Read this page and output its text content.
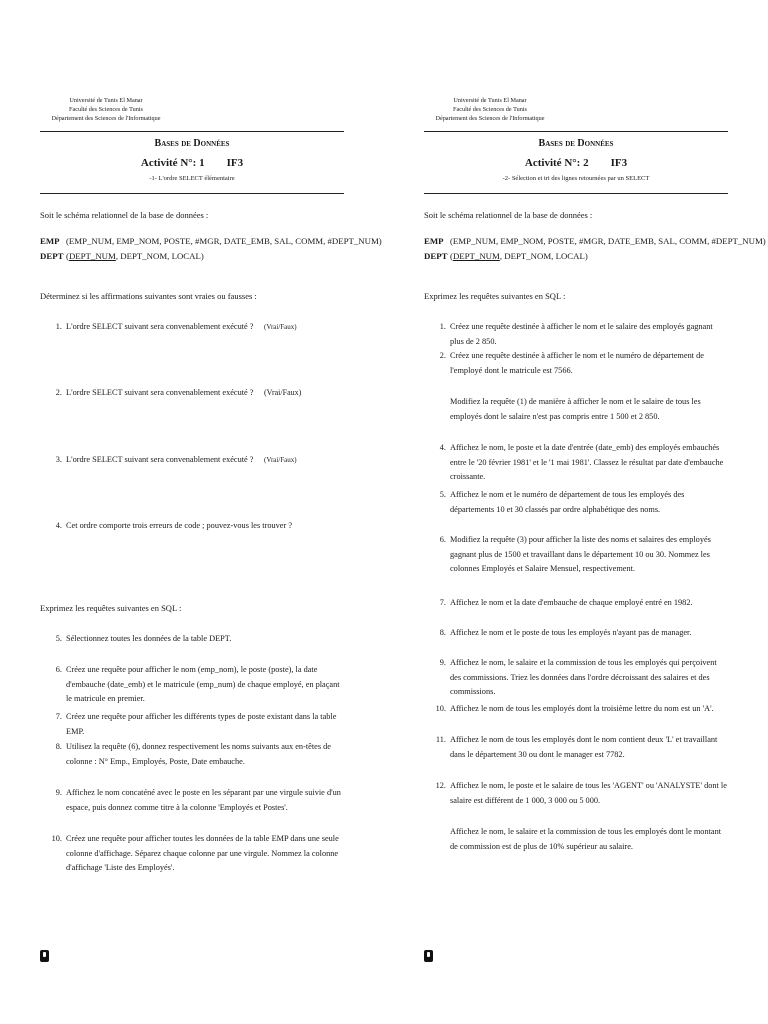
Université de Tunis El Manar
Faculté des Sciences de Tunis
Département des Sciences de l'Informatique
Bases de Données
Activité N°: 1 IF3
-1- L'ordre SELECT élémentaire
Soit le schéma relationnel de la base de données :
EMP (EMP_NUM, EMP_NOM, POSTE, #MGR, DATE_EMB, SAL, COMM, #DEPT_NUM)
DEPT (DEPT_NUM, DEPT_NOM, LOCAL)
Déterminez si les affirmations suivantes sont vraies ou fausses :
1. L'ordre SELECT suivant sera convenablement exécuté ?	(Vrai/Faux)
2. L'ordre SELECT suivant sera convenablement exécuté ?	(Vrai/Faux)
3. L'ordre SELECT suivant sera convenablement exécuté ?	(Vrai/Faux)
4. Cet ordre comporte trois erreurs de code ; pouvez-vous les trouver ?
Exprimez les requêtes suivantes en SQL :
5. Sélectionnez toutes les données de la table DEPT.
6. Créez une requête pour afficher le nom (emp_nom), le poste (poste), la date d'embauche (date_emb) et le matricule (emp_num) de chaque employé, en plaçant le matricule en premier.
7. Créez une requête pour afficher les différents types de poste existant dans la table EMP.
8. Utilisez la requête (6), donnez respectivement les noms suivants aux en-têtes de colonne : N° Emp., Employés, Poste, Date embauche.
9. Affichez le nom concaténé avec le poste en les séparant par une virgule suivie d'un espace, puis donnez comme titre à la colonne 'Employés et Postes'.
10. Créez une requête pour afficher toutes les données de la table EMP dans une seule colonne d'affichage. Séparez chaque colonne par une virgule. Nommez la colonne d'affichage 'Liste des Employés'.
Université de Tunis El Manar
Faculté des Sciences de Tunis
Département des Sciences de l'Informatique
Bases de Données
Activité N°: 2 IF3
-2- Sélection et tri des lignes retournées par un SELECT
Soit le schéma relationnel de la base de données :
EMP (EMP_NUM, EMP_NOM, POSTE, #MGR, DATE_EMB, SAL, COMM, #DEPT_NUM)
DEPT (DEPT_NUM, DEPT_NOM, LOCAL)
Exprimez les requêtes suivantes en SQL :
1. Créez une requête destinée à afficher le nom et le salaire des employés gagnant plus de 2 850.
2. Créez une requête destinée à afficher le nom et le numéro de département de l'employé dont le matricule est 7566.
Modifiez la requête (1) de manière à afficher le nom et le salaire de tous les employés dont le salaire n'est pas compris entre 1 500 et 2 850.
4. Affichez le nom, le poste et la date d'entrée (date_emb) des employés embauchés entre le '20 février 1981' et le '1 mai 1981'. Classez le résultat par date d'embauche croissante.
5. Affichez le nom et le numéro de département de tous les employés des départements 10 et 30 classés par ordre alphabétique des noms.
6. Modifiez la requête (3) pour afficher la liste des noms et salaires des employés gagnant plus de 1500 et travaillant dans le département 10 ou 30. Nommez les colonnes Employés et Salaire Mensuel, respectivement.
7. Affichez le nom et la date d'embauche de chaque employé entré en 1982.
8. Affichez le nom et le poste de tous les employés n'ayant pas de manager.
9. Affichez le nom, le salaire et la commission de tous les employés qui perçoivent des commissions. Triez les données dans l'ordre décroissant des salaires et des commissions.
10. Affichez le nom de tous les employés dont la troisième lettre du nom est un 'A'.
11. Affichez le nom de tous les employés dont le nom contient deux 'L' et travaillant dans le département 30 ou dont le manager est 7782.
12. Affichez le nom, le poste et le salaire de tous les 'AGENT' ou 'ANALYSTE' dont le salaire est différent de 1 000, 3 000 ou 5 000.
Affichez le nom, le salaire et la commission de tous les employés dont le montant de commission est de plus de 10% supérieur au salaire.
